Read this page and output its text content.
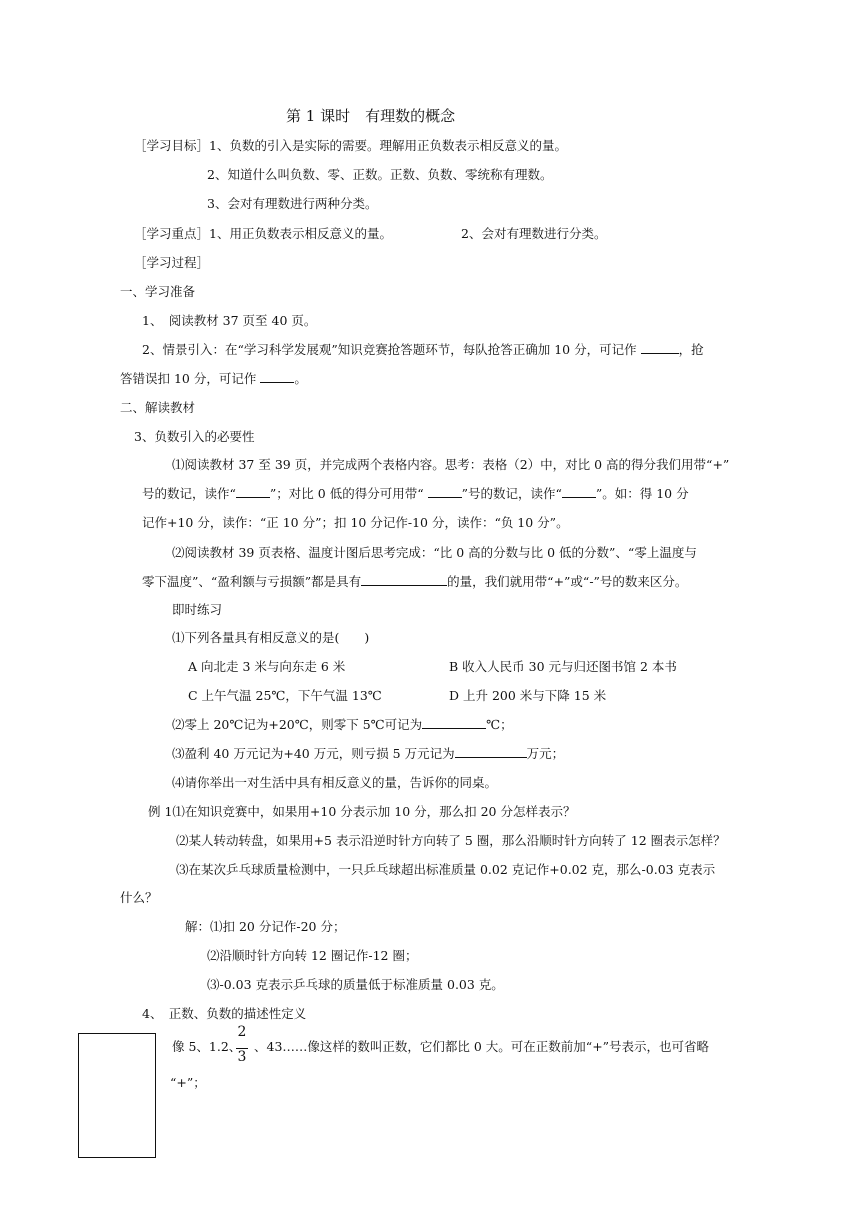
第 1 课时　有理数的概念
［学习目标］1、负数的引入是实际的需要。理解用正负数表示相反意义的量。
2、知道什么叫负数、零、正数。正数、负数、零统称有理数。
3、会对有理数进行两种分类。
［学习重点］1、用正负数表示相反意义的量。	2、会对有理数进行分类。
［学习过程］
一、学习准备
1、　阅读教材 37 页至 40 页。
2、情景引入：在“学习科学发展观”知识竞赛抢答题环节，每队抢答正确加 10 分，可记作	，抢
答错误扣 10 分，可记作	。
二、解读教材
3、负数引入的必要性
⑴阅读教材 37 至 39 页，并完成两个表格内容。思考：表格（2）中，对比 0 高的得分我们用带“+”
号的数记，读作“	”；对比 0 低的得分可用带“	”号的数记，读作“	”。如：得 10 分
记作+10 分，读作：“正 10 分”；扣 10 分记作-10 分，读作：“负 10 分”。
⑵阅读教材 39 页表格、温度计图后思考完成：“比 0 高的分数与比 0 低的分数”、“零上温度与
零下温度”、“盈利额与亏损额”都是具有	的量，我们就用带“+”或“-”号的数来区分。
即时练习
⑴下列各量具有相反意义的是(　　)
A 向北走 3 米与向东走 6 米	B 收入人民币 30 元与归还图书馆 2 本书
C 上午气温 25℃，下午气温 13℃	D 上升 200 米与下降 15 米
⑵零上 20℃记为+20℃，则零下 5℃可记为	℃；
⑶盈利 40 万元记为+40 万元，则亏损 5 万元记为	万元；
⑷请你举出一对生活中具有相反意义的量，告诉你的同桌。
例 1⑴在知识竞赛中，如果用+10 分表示加 10 分，那么扣 20 分怎样表示？
⑵某人转动转盘，如果用+5 表示沿逆时针方向转了 5 圈，那么沿顺时针方向转了 12 圈表示怎样？
⑶在某次乒乓球质量检测中，一只乒乓球超出标准质量 0.02 克记作+0.02 克，那么-0.03 克表示
什么？
解：⑴扣 20 分记作-20 分；
⑵沿顺时针方向转 12 圈记作-12 圈；
⑶-0.03 克表示乒乓球的质量低于标准质量 0.03 克。
4、　正数、负数的描述性定义
像 5、1.2、
2
3
、43……像这样的数叫正数，它们都比 0 大。可在正数前加“+”号表示，也可省略
“+”；
